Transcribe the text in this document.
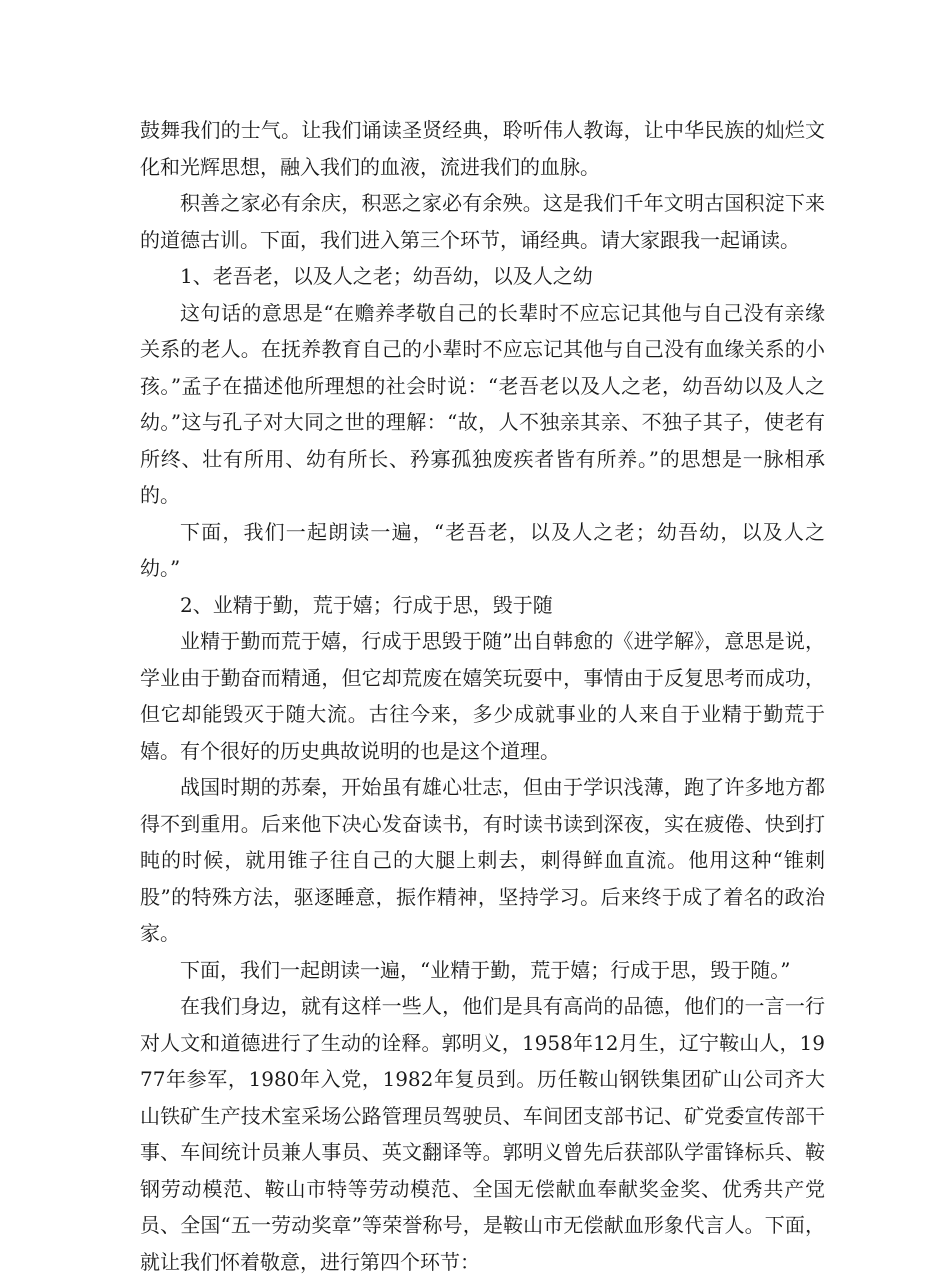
鼓舞我们的士气。让我们诵读圣贤经典，聆听伟人教诲，让中华民族的灿烂文化和光辉思想，融入我们的血液，流进我们的血脉。

积善之家必有余庆，积恶之家必有余殃。这是我们千年文明古国积淀下来的道德古训。下面，我们进入第三个环节，诵经典。请大家跟我一起诵读。

1、老吾老，以及人之老；幼吾幼，以及人之幼

这句话的意思是“在赡养孝敬自己的长辈时不应忘记其他与自己没有亲缘关系的老人。在抚养教育自己的小辈时不应忘记其他与自己没有血缘关系的小孩。”孟子在描述他所理想的社会时说：“老吾老以及人之老，幼吾幼以及人之幼。”这与孔子对大同之世的理解：“故，人不独亲其亲、不独子其子，使老有所终、壮有所用、幼有所长、矜寡孤独废疾者皆有所养。”的思想是一脉相承的。

下面，我们一起朗读一遍，“老吾老，以及人之老；幼吾幼，以及人之幼。”

2、业精于勤，荒于嬉；行成于思，毁于随

业精于勤而荒于嬉，行成于思毁于随”出自韩愈的《进学解》，意思是说，学业由于勤奋而精通，但它却荒废在嬉笑玩耍中，事情由于反复思考而成功，但它却能毁灭于随大流。古往今来，多少成就事业的人来自于业精于勤荒于嬉。有个很好的历史典故说明的也是这个道理。

战国时期的苏秦，开始虽有雄心壮志，但由于学识浅薄，跑了许多地方都得不到重用。后来他下决心发奋读书，有时读书读到深夜，实在疲倦、快到打盹的时候，就用锥子往自己的大腿上刺去，刺得鲜血直流。他用这种“锥刺股”的特殊方法，驱逐睡意，振作精神，坚持学习。后来终于成了着名的政治家。

下面，我们一起朗读一遍，“业精于勤，荒于嬉；行成于思，毁于随。”

在我们身边，就有这样一些人，他们是具有高尚的品德，他们的一言一行对人文和道德进行了生动的诠释。郭明义，1958年12月生，辽宁鞍山人，1977年参军，1980年入党，1982年复员到。历任鞍山钢铁集团矿山公司齐大山铁矿生产技术室采场公路管理员驾驶员、车间团支部书记、矿党委宣传部干事、车间统计员兼人事员、英文翻译等。郭明义曾先后获部队学雷锋标兵、鞍钢劳动模范、鞍山市特等劳动模范、全国无偿献血奉献奖金奖、优秀共产党员、全国“五一劳动奖章”等荣誉称号，是鞍山市无偿献血形象代言人。下面，就让我们怀着敬意，进行第四个环节：
